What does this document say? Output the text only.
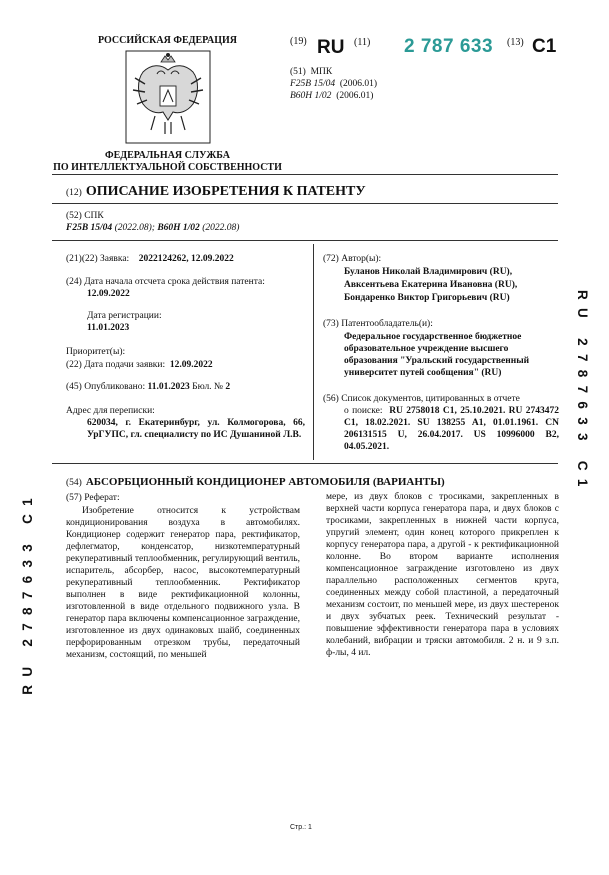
РОССИЙСКАЯ ФЕДЕРАЦИЯ
ФЕДЕРАЛЬНАЯ СЛУЖБА
ПО ИНТЕЛЛЕКТУАЛЬНОЙ СОБСТВЕННОСТИ
(19) RU (11) 2 787 633 (13) C1
(51) МПК
F25B 15/04 (2006.01)
B60H 1/02 (2006.01)
(12) ОПИСАНИЕ ИЗОБРЕТЕНИЯ К ПАТЕНТУ
(52) СПК
F25B 15/04 (2022.08); B60H 1/02 (2022.08)
(21)(22) Заявка: 2022124262, 12.09.2022
(24) Дата начала отсчета срока действия патента:
12.09.2022
Дата регистрации:
11.01.2023
Приоритет(ы):
(22) Дата подачи заявки: 12.09.2022
(45) Опубликовано: 11.01.2023 Бюл. № 2
Адрес для переписки:
620034, г. Екатеринбург, ул. Колмогорова, 66, УрГУПС, гл. специалисту по ИС Душаниной Л.В.
(72) Автор(ы):
Буланов Николай Владимирович (RU),
Авксентьева Екатерина Ивановна (RU),
Бондаренко Виктор Григорьевич (RU)
(73) Патентообладатель(и):
Федеральное государственное бюджетное образовательное учреждение высшего образования "Уральский государственный университет путей сообщения" (RU)
(56) Список документов, цитированных в отчете
о поиске: RU 2758018 C1, 25.10.2021. RU 2743472 C1, 18.02.2021. SU 138255 A1, 01.01.1961. CN 206131515 U, 26.04.2017. US 10996000 B2, 04.05.2021.
(54) АБСОРБЦИОННЫЙ КОНДИЦИОНЕР АВТОМОБИЛЯ (ВАРИАНТЫ)
(57) Реферат:
Изобретение относится к устройствам кондиционирования воздуха в автомобилях. Кондиционер содержит генератор пара, ректификатор, дефлегматор, конденсатор, низкотемпературный рекуперативный теплообменник, регулирующий вентиль, испаритель, абсорбер, насос, высокотемпературный рекуперативный теплообменник. Ректификатор выполнен в виде ректификационной колонны, изготовленной в виде отдельного подвижного узла. В генератор пара включены компенсационное заграждение, изготовленное из двух одинаковых шайб, соединенных перфорированным отрезком трубы, передаточный механизм, состоящий, по меньшей
мере, из двух блоков с тросиками, закрепленных в верхней части корпуса генератора пара, и двух блоков с тросиками, закрепленных в нижней части корпуса, упругий элемент, один конец которого прикреплен к корпусу генератора пара, а другой - к ректификационной колонне. Во втором варианте исполнения компенсационное заграждение изготовлено из двух параллельно расположенных сегментов круга, соединенных между собой пластиной, а передаточный механизм состоит, по меньшей мере, из двух шестеренок и двух зубчатых реек. Технический результат - повышение эффективности генератора пара в условиях колебаний, вибрации и тряски автомобиля. 2 н. и 9 з.п. ф-лы, 4 ил.
RU 2787633 C1
RU 2787633 C1
Стр.: 1
